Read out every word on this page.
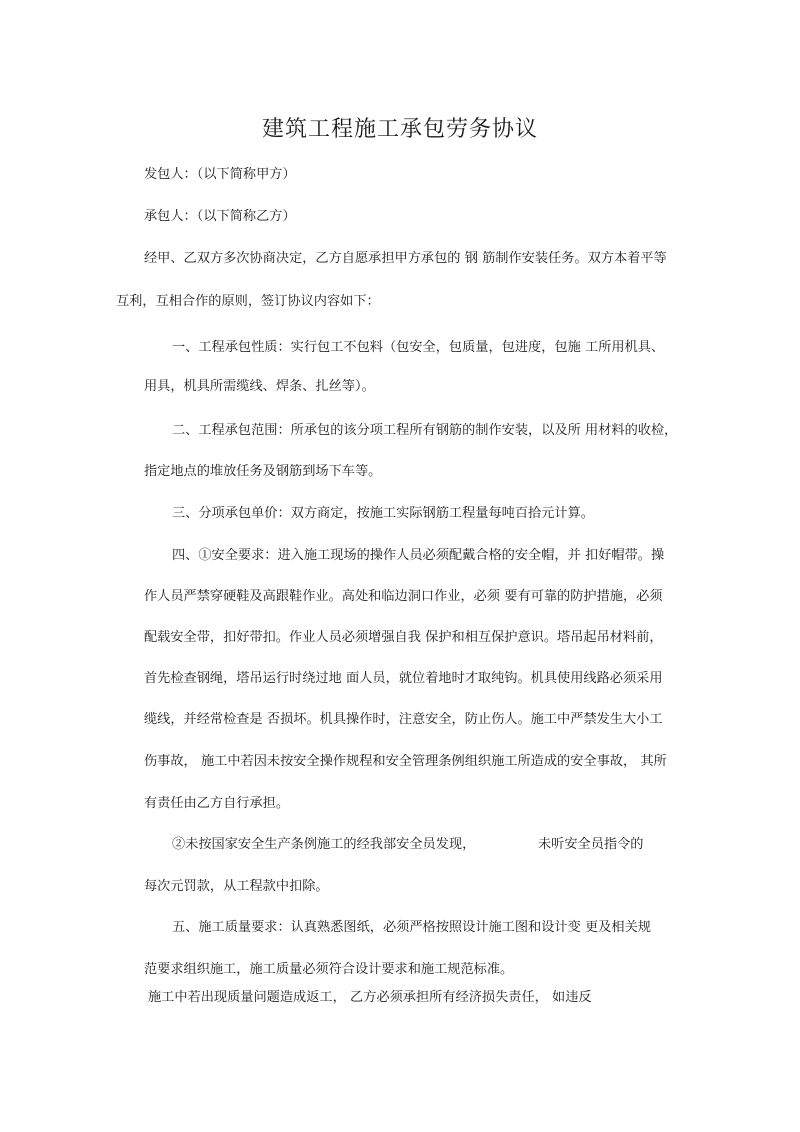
建筑工程施工承包劳务协议
发包人：（以下简称甲方）
承包人：（以下简称乙方）
经甲、乙双方多次协商决定，乙方自愿承担甲方承包的 钢 筋制作安装任务。双方本着平等
互利，互相合作的原则，签订协议内容如下：
一、工程承包性质：实行包工不包料（包安全，包质量，包进度，包施 工所用机具、
用具，机具所需缆线、焊条、扎丝等）。
二、工程承包范围：所承包的该分项工程所有钢筋的制作安装，以及所 用材料的收检，
指定地点的堆放任务及钢筋到场下车等。
三、分项承包单价：双方商定，按施工实际钢筋工程量每吨百拾元计算。
四、①安全要求：进入施工现场的操作人员必须配戴合格的安全帽，并 扣好帽带。操
作人员严禁穿硬鞋及高跟鞋作业。高处和临边洞口作业，必须 要有可靠的防护措施，必须
配载安全带，扣好带扣。作业人员必须增强自我 保护和相互保护意识。塔吊起吊材料前，
首先检查钢绳，塔吊运行时绕过地 面人员，就位着地时才取纯钩。机具使用线路必须采用
缆线，并经常检查是 否损坏。机具操作时，注意安全，防止伤人。施工中严禁发生大小工
伤事故， 施工中若因未按安全操作规程和安全管理条例组织施工所造成的安全事故， 其所
有责任由乙方自行承担。
②未按国家安全生产条例施工的经我部安全员发现，	未听安全员指令的
每次元罚款，从工程款中扣除。
五、施工质量要求：认真熟悉图纸，必须严格按照设计施工图和设计变 更及相关规
范要求组织施工，施工质量必须符合设计要求和施工规范标准。
施工中若出现质量问题造成返工， 乙方必须承担所有经济损失责任， 如违反
